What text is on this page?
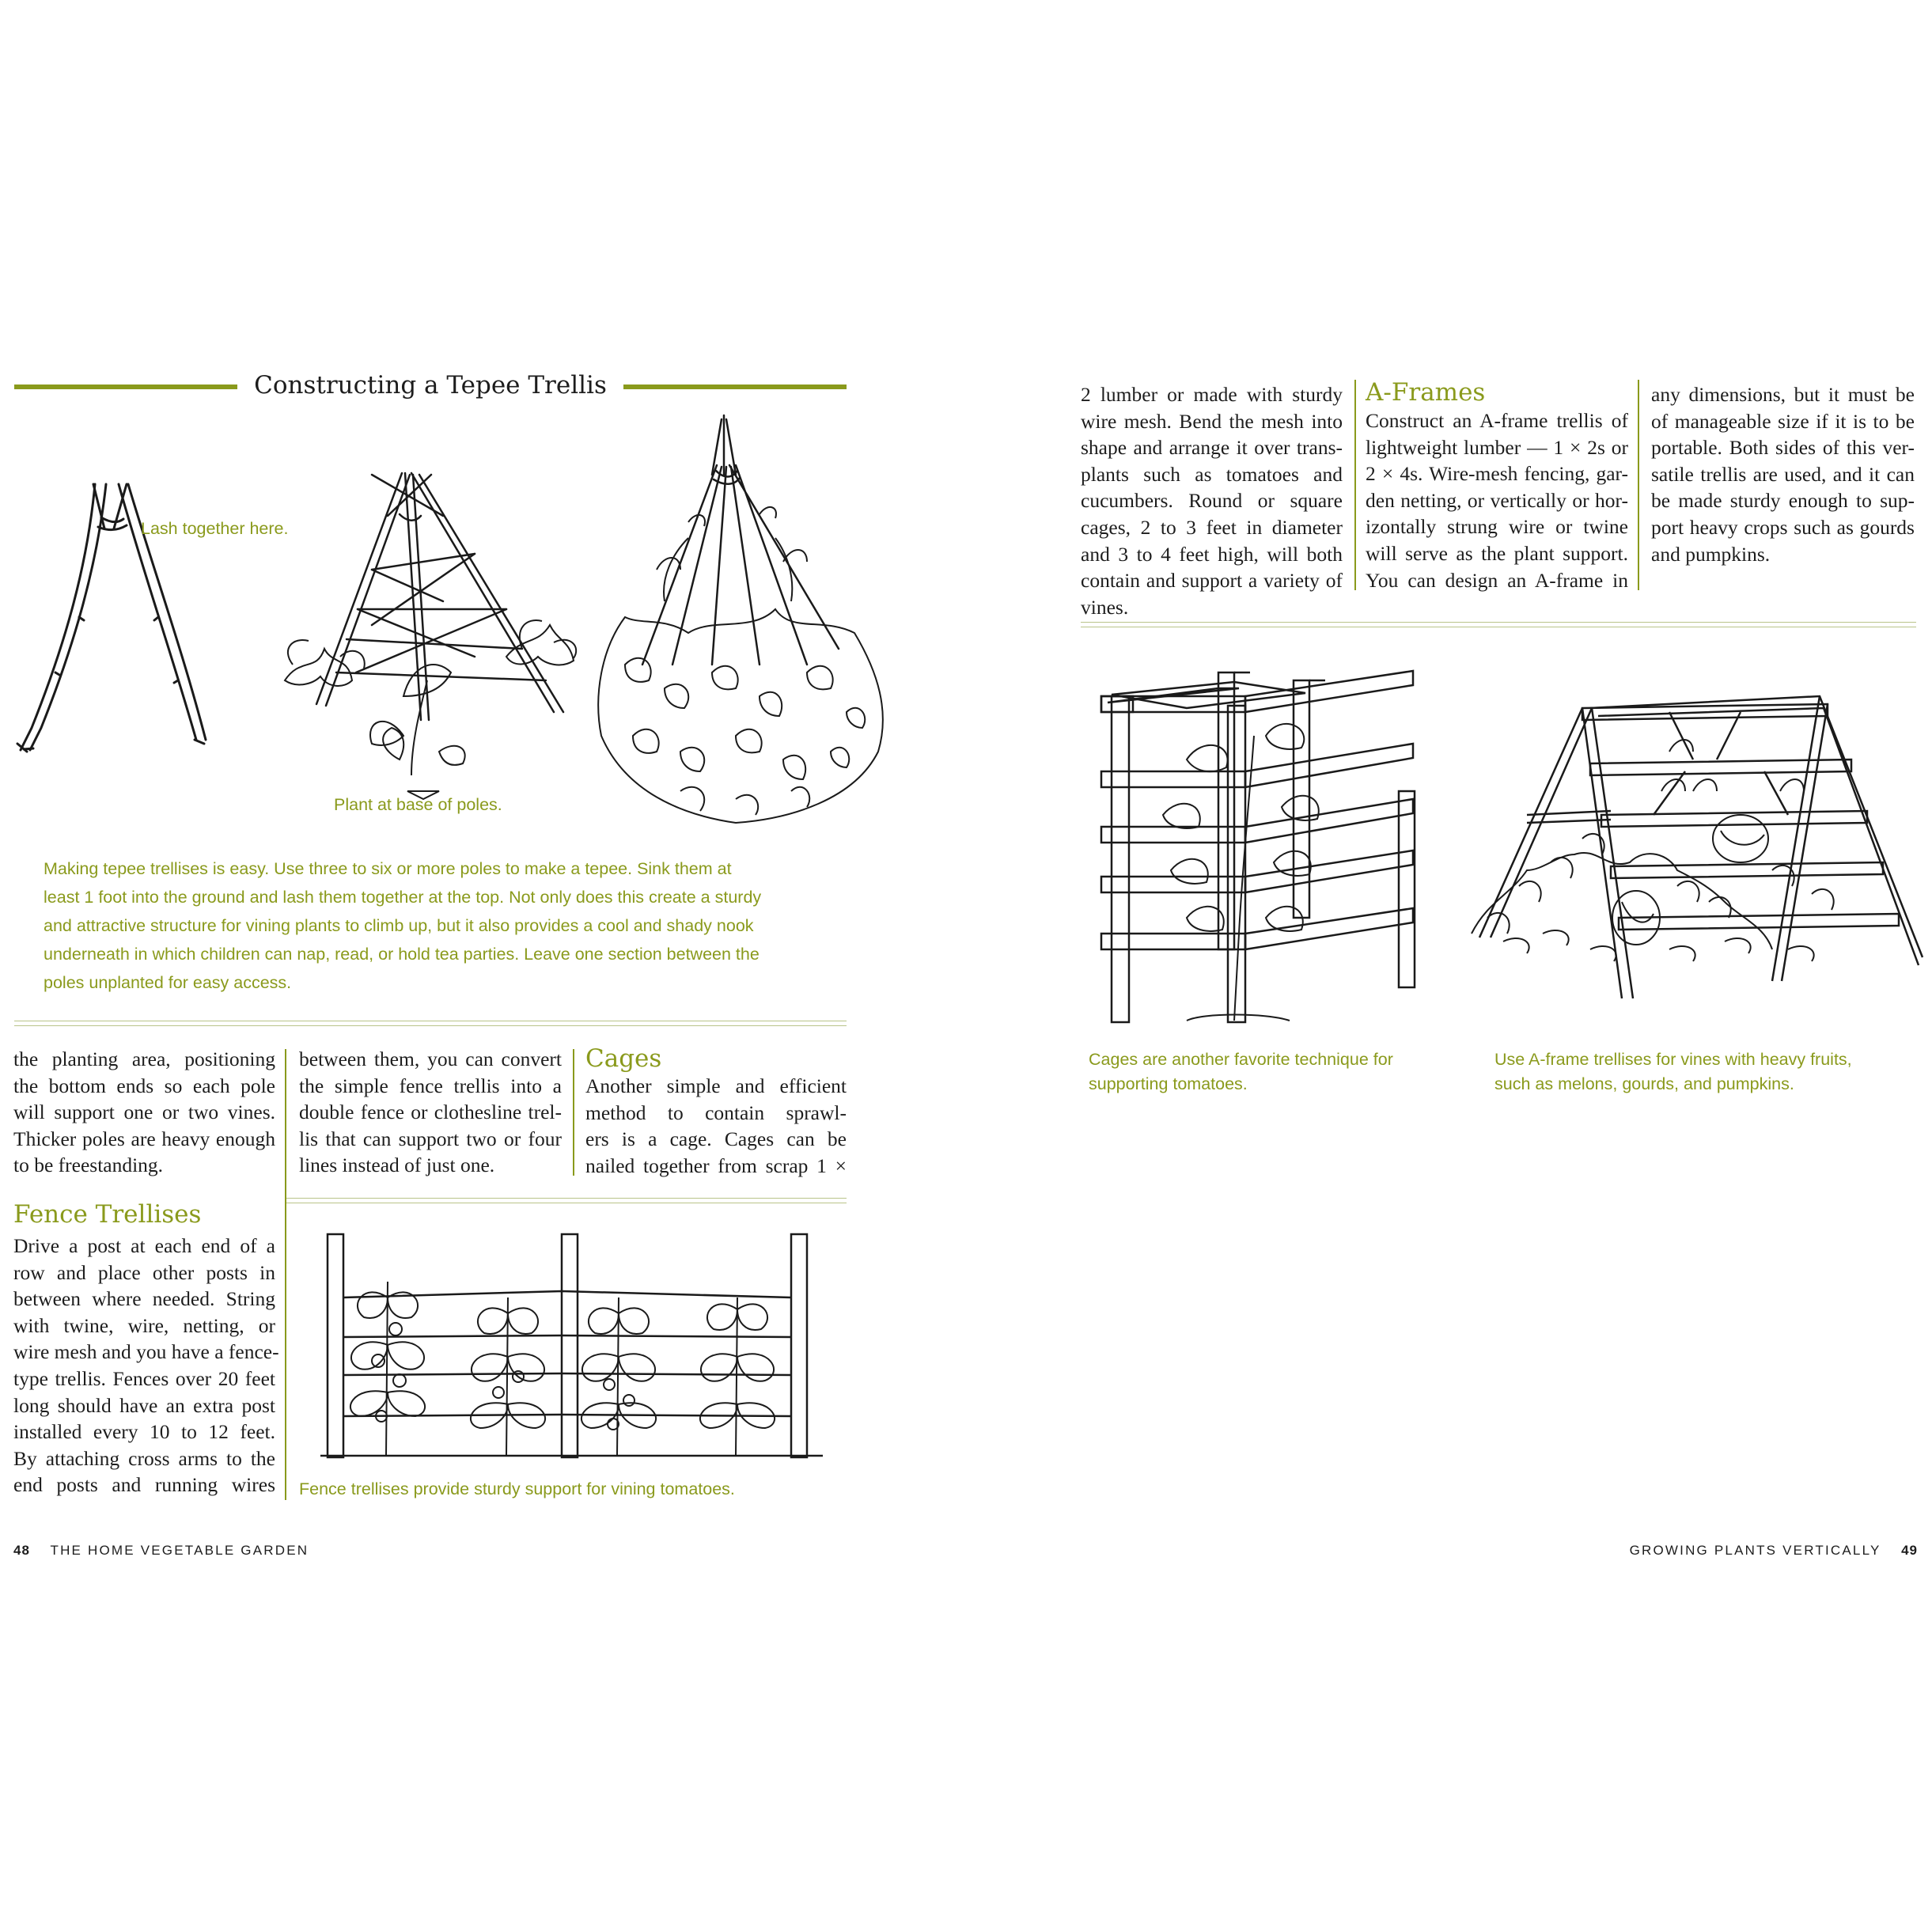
Constructing a Tepee Trellis
Lash together here.
Plant at base of poles.
Making tepee trellises is easy. Use three to six or more poles to make a tepee. Sink them at
least 1 foot into the ground and lash them together at the top. Not only does this create a sturdy
and attractive structure for vining plants to climb up, but it also provides a cool and shady nook
underneath in which children can nap, read, or hold tea parties. Leave one section between the
poles unplanted for easy access.
the planting area, positioning
the bottom ends so each pole
will support one or two vines.
Thicker poles are heavy enough
to be freestanding.
Fence Trellises
Drive a post at each end of a
row and place other posts in
between where needed. String
with twine, wire, netting, or
wire mesh and you have a fence-
type trellis. Fences over 20 feet
long should have an extra post
installed every 10 to 12 feet.
By attaching cross arms to the
end posts and running wires
between them, you can convert
the simple fence trellis into a
double fence or clothesline trel-
lis that can support two or four
lines instead of just one.
Cages
Another simple and efficient
method to contain sprawl-
ers is a cage. Cages can be
nailed together from scrap 1 ×
Fence trellises provide sturdy support for vining tomatoes.
48 THE HOME VEGETABLE GARDEN
2 lumber or made with sturdy
wire mesh. Bend the mesh into
shape and arrange it over trans-
plants such as tomatoes and
cucumbers. Round or square
cages, 2 to 3 feet in diameter
and 3 to 4 feet high, will both
contain and support a variety of
vines.
A-Frames
Construct an A-frame trellis of
lightweight lumber — 1 × 2s or
2 × 4s. Wire-mesh fencing, gar-
den netting, or vertically or hor-
izontally strung wire or twine
will serve as the plant support.
You can design an A-frame in
any dimensions, but it must be
of manageable size if it is to be
portable. Both sides of this ver-
satile trellis are used, and it can
be made sturdy enough to sup-
port heavy crops such as gourds
and pumpkins.
Cages are another favorite technique for
supporting tomatoes.
Use A-frame trellises for vines with heavy fruits,
such as melons, gourds, and pumpkins.
GROWING PLANTS VERTICALLY 49
